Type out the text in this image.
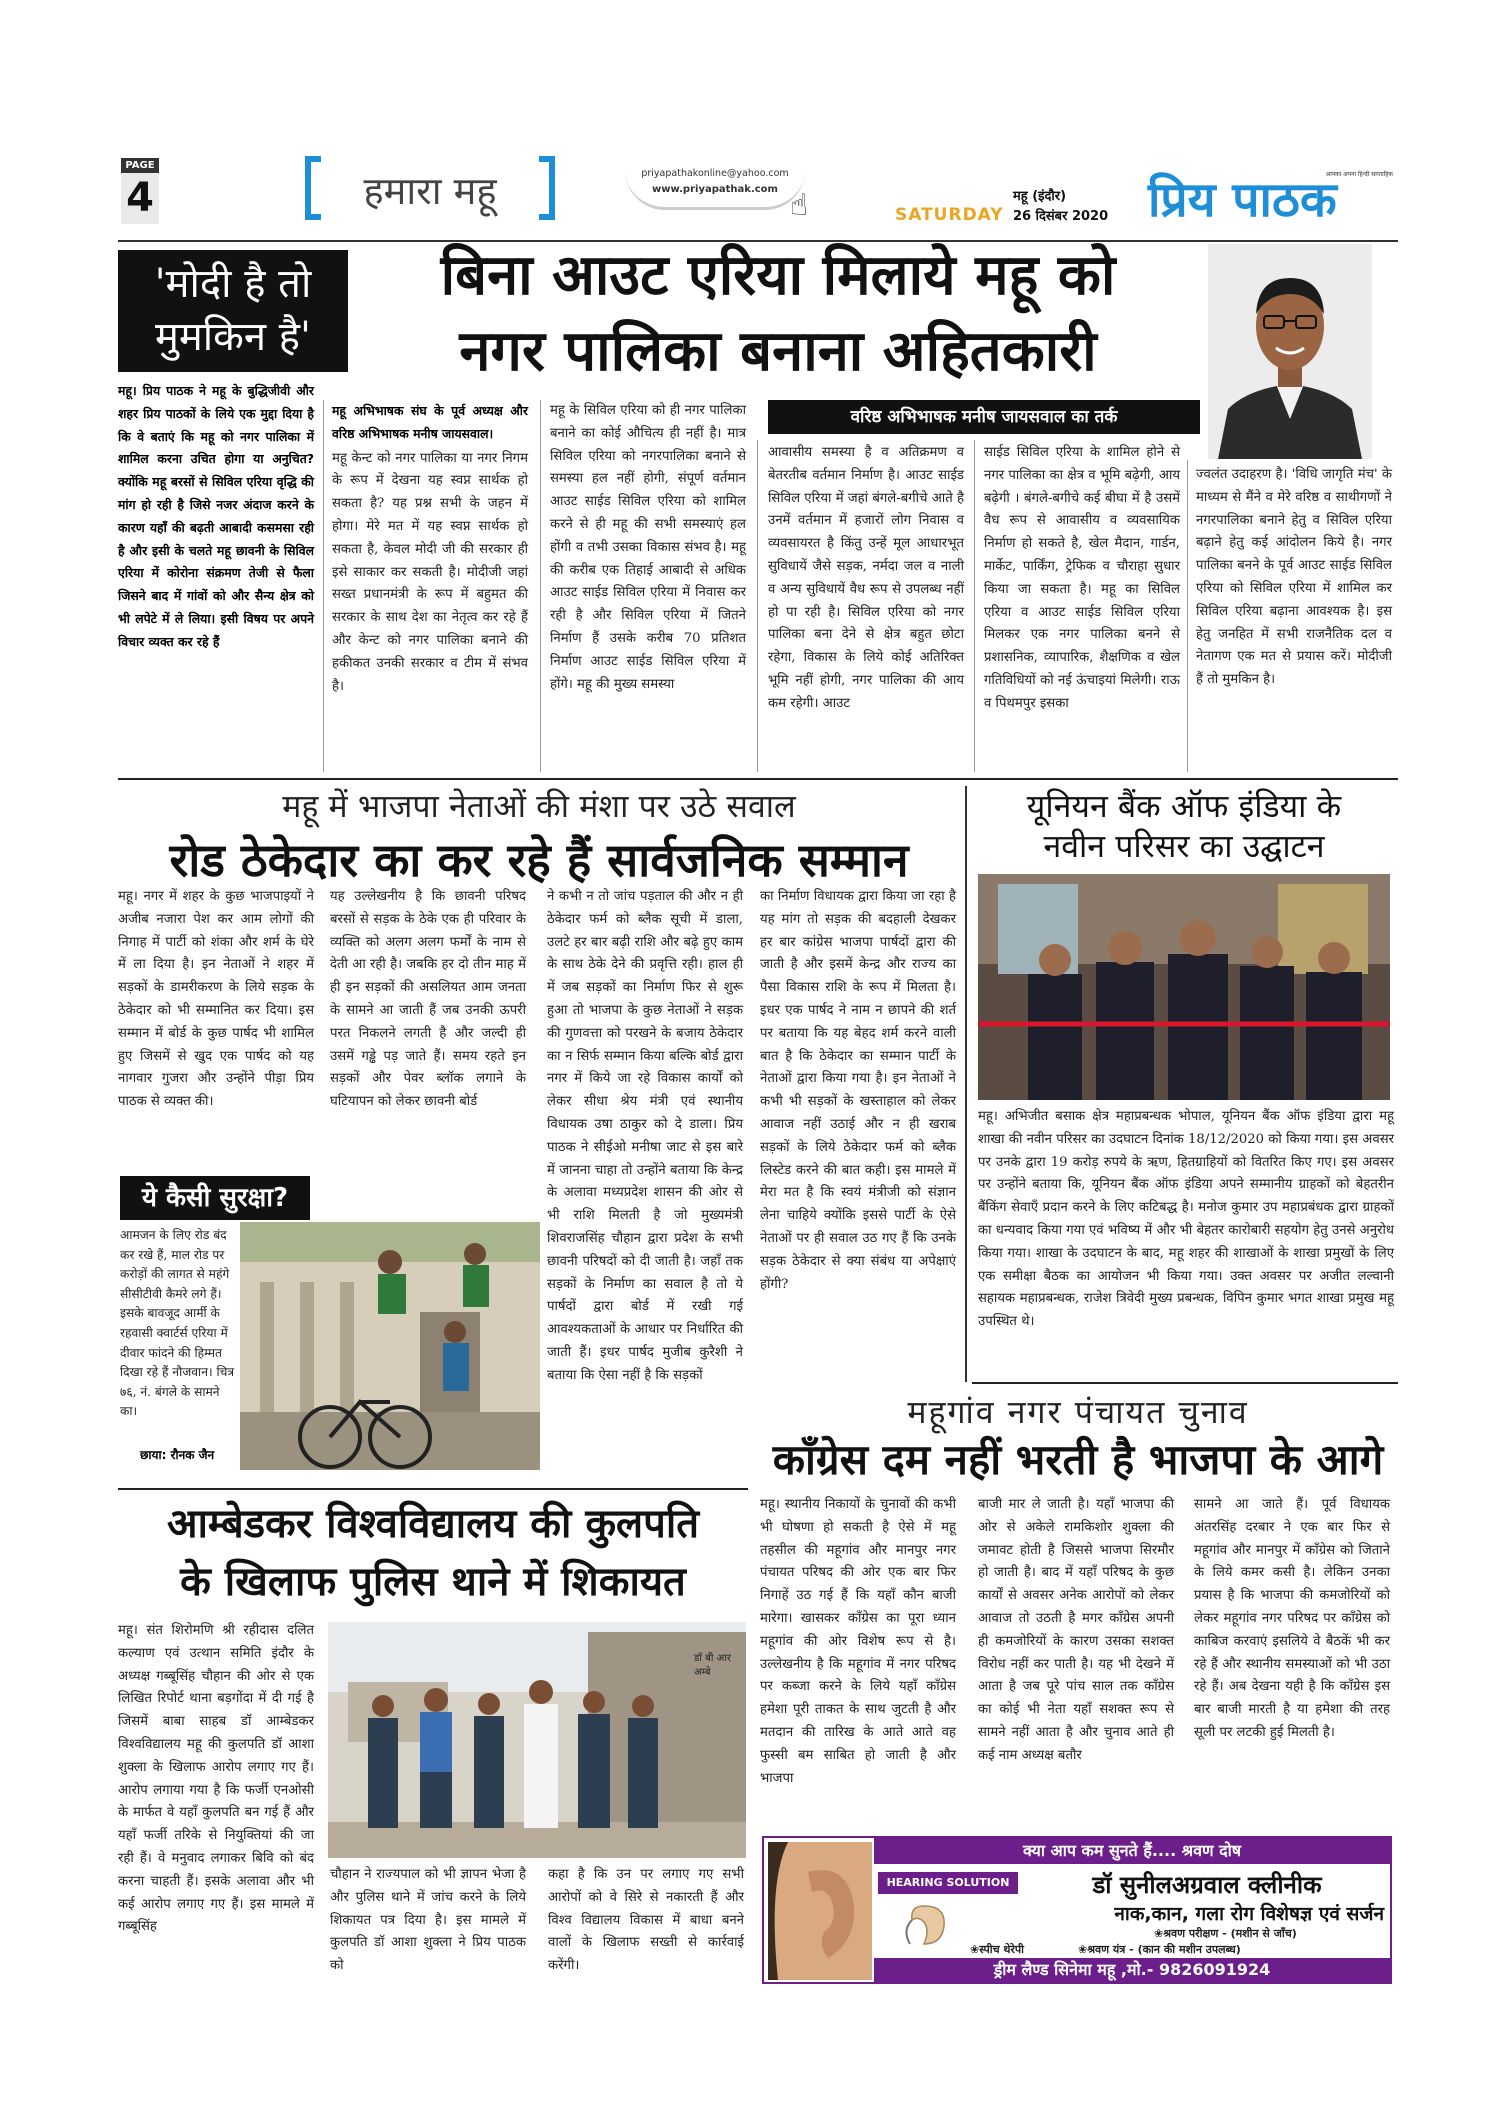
PAGE
4	हमारा महू	priyapathakonline@yahoo.com
www.priyapathak.com ☝	SATURDAY
महू (इंदौर)
26 दिसंबर 2020 प्रिय पाठक
आपका अपना हिन्दी साप्ताहिक
'मोदी है तो मुमकिन है'
बिना आउट एरिया मिलाये महू को
नगर पालिका बनाना अहितकारी
वरिष्ठ अभिभाषक मनीष जायसवाल का तर्क
महू। प्रिय पाठक ने महू के बुद्धिजीवी और शहर प्रिय पाठकों के लिये एक मुद्दा दिया है कि वे बताएं कि महू को नगर पालिका में शामिल करना उचित होगा या अनुचित? क्योंकि महू बरसों से सिविल एरिया वृद्धि की मांग हो रही है जिसे नजर अंदाज करने के कारण यहाँ की बढ़ती आबादी कसमसा रही है और इसी के चलते महू छावनी के सिविल एरिया में कोरोना संक्रमण तेजी से फैला जिसने बाद में गांवों को और सैन्य क्षेत्र को भी लपेटे में ले लिया। इसी विषय पर अपने विचार व्यक्त कर रहे हैं
महू अभिभाषक संघ के पूर्व अध्यक्ष और वरिष्ठ अभिभाषक मनीष जायसवाल।
महू केन्ट को नगर पालिका या नगर निगम के रूप में देखना यह स्वप्न सार्थक हो सकता है? यह प्रश्न सभी के जहन में होगा। मेरे मत में यह स्वप्न सार्थक हो सकता है, केवल मोदी जी की सरकार ही इसे साकार कर सकती है। मोदीजी जहां सख्त प्रधानमंत्री के रूप में बहुमत की सरकार के साथ देश का नेतृत्व कर रहे हैं और केन्ट को नगर पालिका बनाने की हकीकत उनकी सरकार व टीम में संभव है।
महू के सिविल एरिया को ही नगर पालिका बनाने का कोई औचित्य ही नहीं है। मात्र सिविल एरिया को नगरपालिका बनाने से समस्या हल नहीं होगी, संपूर्ण वर्तमान आउट साईड सिविल एरिया को शामिल करने से ही महू की सभी समस्याएं हल होंगी व तभी उसका विकास संभव है। महू की करीब एक तिहाई आबादी से अधिक आउट साईड सिविल एरिया में निवास कर रही है और सिविल एरिया में जितने निर्माण हैं उसके करीब 70 प्रतिशत निर्माण आउट साईड सिविल एरिया में होंगे। महू की मुख्य समस्या
आवासीय समस्या है व अतिक्रमण व बेतरतीब वर्तमान निर्माण है। आउट साईड सिविल एरिया में जहां बंगले-बगीचे आते है उनमें वर्तमान में हजारों लोग निवास व व्यवसायरत है किंतु उन्हें मूल आधारभूत सुविधायें जैसे सड़क, नर्मदा जल व नाली व अन्य सुविधायें वैध रूप से उपलब्ध नहीं हो पा रही है। सिविल एरिया को नगर पालिका बना देने से क्षेत्र बहुत छोटा रहेगा, विकास के लिये कोई अतिरिक्त भूमि नहीं होगी, नगर पालिका की आय कम रहेगी। आउट
साईड सिविल एरिया के शामिल होने से नगर पालिका का क्षेत्र व भूमि बढ़ेगी, आय बढ़ेगी । बंगले-बगीचे कई बीघा में है उसमें वैध रूप से आवासीय व व्यवसायिक निर्माण हो सकते है, खेल मैदान, गार्डन, मार्केट, पार्किंग, ट्रेफिक व चौराहा सुधार किया जा सकता है। महू का सिविल एरिया व आउट साईड सिविल एरिया मिलकर एक नगर पालिका बनने से प्रशासनिक, व्यापारिक, शैक्षणिक व खेल गतिविधियों को नई ऊंचाइयां मिलेगी। राऊ व पिथमपुर इसका
ज्वलंत उदाहरण है। 'विधि जागृति मंच' के माध्यम से मैंने व मेरे वरिष्ठ व साथीगणों ने नगरपालिका बनाने हेतु व सिविल एरिया बढ़ाने हेतु कई आंदोलन किये है। नगर पालिका बनने के पूर्व आउट साईड सिविल एरिया को सिविल एरिया में शामिल कर सिविल एरिया बढ़ाना आवश्यक है। इस हेतु जनहित में सभी राजनैतिक दल व नेतागण एक मत से प्रयास करें। मोदीजी हैं तो मुमकिन है।
महू में भाजपा नेताओं की मंशा पर उठे सवाल
रोड ठेकेदार का कर रहे हैं सार्वजनिक सम्मान
महू। नगर में शहर के कुछ भाजपाइयों ने अजीब नजारा पेश कर आम लोगों की निगाह में पार्टी को शंका और शर्म के घेरे में ला दिया है। इन नेताओं ने शहर में सड़कों के डामरीकरण के लिये सड़क के ठेकेदार को भी सम्मानित कर दिया। इस सम्मान में बोर्ड के कुछ पार्षद भी शामिल हुए जिसमें से खुद एक पार्षद को यह नागवार गुजरा और उन्होंने पीड़ा प्रिय पाठक से व्यक्त की।
यह उल्लेखनीय है कि छावनी परिषद बरसों से सड़क के ठेके एक ही परिवार के व्यक्ति को अलग अलग फर्मों के नाम से देती आ रही है। जबकि हर दो तीन माह में ही इन सड़कों की असलियत आम जनता के सामने आ जाती हैं जब उनकी ऊपरी परत निकलने लगती है और जल्दी ही उसमें गड्ढे पड़ जाते हैं। समय रहते इन सड़कों और पेवर ब्लॉक लगाने के घटियापन को लेकर छावनी बोर्ड
ने कभी न तो जांच पड़ताल की और न ही ठेकेदार फर्म को ब्लैक सूची में डाला, उलटे हर बार बढ़ी राशि और बढ़े हुए काम के साथ ठेके देने की प्रवृत्ति रही। हाल ही में जब सड़कों का निर्माण फिर से शुरू हुआ तो भाजपा के कुछ नेताओं ने सड़क की गुणवत्ता को परखने के बजाय ठेकेदार का न सिर्फ सम्मान किया बल्कि बोर्ड द्वारा नगर में किये जा रहे विकास कार्यों को लेकर सीधा श्रेय मंत्री एवं स्थानीय विधायक उषा ठाकुर को दे डाला। प्रिय पाठक ने सीईओ मनीषा जाट से इस बारे में जानना चाहा तो उन्होंने बताया कि केन्द्र के अलावा मध्यप्रदेश शासन की ओर से भी राशि मिलती है जो मुख्यमंत्री शिवराजसिंह चौहान द्वारा प्रदेश के सभी छावनी परिषदों को दी जाती है। जहाँ तक सड़कों के निर्माण का सवाल है तो ये पार्षदों द्वारा बोर्ड में रखी गई आवश्यकताओं के आधार पर निर्धारित की जाती हैं। इधर पार्षद मुजीब कुरैशी ने बताया कि ऐसा नहीं है कि सड़कों
का निर्माण विधायक द्वारा किया जा रहा है यह मांग तो सड़क की बदहाली देखकर हर बार कांग्रेस भाजपा पार्षदों द्वारा की जाती है और इसमें केन्द्र और राज्य का पैसा विकास राशि के रूप में मिलता है। इधर एक पार्षद ने नाम न छापने की शर्त पर बताया कि यह बेहद शर्म करने वाली बात है कि ठेकेदार का सम्मान पार्टी के नेताओं द्वारा किया गया है। इन नेताओं ने कभी भी सड़कों के खस्ताहाल को लेकर आवाज नहीं उठाई और न ही खराब सड़कों के लिये ठेकेदार फर्म को ब्लैक लिस्टेड करने की बात कही। इस मामले में मेरा मत है कि स्वयं मंत्रीजी को संज्ञान लेना चाहिये क्योंकि इससे पार्टी के ऐसे नेताओं पर ही सवाल उठ गए हैं कि उनके सड़क ठेकेदार से क्या संबंध या अपेक्षाएं होंगी?
ये कैसी सुरक्षा?
आमजन के लिए रोड बंद कर रखे हैं, माल रोड पर करोड़ों की लागत से महंगे सीसीटीवी कैमरे लगे हैं। इसके बावजूद आर्मी के रहवासी क्वार्टर्स एरिया में दीवार फांदने की हिम्मत दिखा रहे हैं नौजवान। चित्र ७६, नं. बंगले के सामने का।
छाया: रौनक जैन
यूनियन बैंक ऑफ इंडिया के
नवीन परिसर का उद्घाटन
महू। अभिजीत बसाक क्षेत्र महाप्रबन्धक भोपाल, यूनियन बैंक ऑफ इंडिया द्वारा महू शाखा की नवीन परिसर का उदघाटन दिनांक 18/12/2020 को किया गया। इस अवसर पर उनके द्वारा 19 करोड़ रुपये के ऋण, हितग्राहियों को वितरित किए गए। इस अवसर पर उन्होंने बताया कि, यूनियन बैंक ऑफ इंडिया अपने सम्मानीय ग्राहकों को बेहतरीन बैंकिंग सेवाएँ प्रदान करने के लिए कटिबद्ध है। मनोज कुमार उप महाप्रबंधक द्वारा ग्राहकों का धन्यवाद किया गया एवं भविष्य में और भी बेहतर कारोबारी सहयोग हेतु उनसे अनुरोध किया गया। शाखा के उदघाटन के बाद, महू शहर की शाखाओं के शाखा प्रमुखों के लिए एक समीक्षा बैठक का आयोजन भी किया गया। उक्त अवसर पर अजीत लल्वानी सहायक महाप्रबन्धक, राजेश त्रिवेदी मुख्य प्रबन्धक, विपिन कुमार भगत शाखा प्रमुख महू उपस्थित थे।
महूगांव नगर पंचायत चुनाव
कॉंग्रेस दम नहीं भरती है भाजपा के आगे
महू। स्थानीय निकायों के चुनावों की कभी भी घोषणा हो सकती है ऐसे में महू तहसील की महूगांव और मानपुर नगर पंचायत परिषद की ओर एक बार फिर निगाहें उठ गई हैं कि यहाँ कौन बाजी मारेगा। खासकर कॉंग्रेस का पूरा ध्यान महूगांव की ओर विशेष रूप से है। उल्लेखनीय है कि महूगांव में नगर परिषद पर कब्जा करने के लिये यहाँ कॉंग्रेस हमेशा पूरी ताकत के साथ जुटती है और मतदान की तारिख के आते आते वह फुस्सी बम साबित हो जाती है और भाजपा
बाजी मार ले जाती है। यहाँ भाजपा की ओर से अकेले रामकिशोर शुक्ला की जमावट होती है जिससे भाजपा सिरमौर हो जाती है। बाद में यहाँ परिषद के कुछ कार्यों से अवसर अनेक आरोपों को लेकर आवाज तो उठती है मगर कॉंग्रेस अपनी ही कमजोरियों के कारण उसका सशक्त विरोध नहीं कर पाती है। यह भी देखने में आता है जब पूरे पांच साल तक कॉंग्रेस का कोई भी नेता यहाँ सशक्त रूप से सामने नहीं आता है और चुनाव आते ही कई नाम अध्यक्ष बतौर
सामने आ जाते हैं। पूर्व विधायक अंतरसिंह दरबार ने एक बार फिर से महूगांव और मानपुर में कॉंग्रेस को जिताने के लिये कमर कसी है। लेकिन उनका प्रयास है कि भाजपा की कमजोरियों को लेकर महूगांव नगर परिषद पर कॉंग्रेस को काबिज करवाएं इसलिये वे बैठकें भी कर रहे हैं और स्थानीय समस्याओं को भी उठा रहे हैं। अब देखना यही है कि कॉंग्रेस इस बार बाजी मारती है या हमेशा की तरह सूली पर लटकी हुई मिलती है।
आम्बेडकर विश्वविद्यालय की कुलपति
के खिलाफ पुलिस थाने में शिकायत
महू। संत शिरोमणि श्री रहीदास दलित कल्याण एवं उत्थान समिति इंदौर के अध्यक्ष गब्बूसिंह चौहान की ओर से एक लिखित रिपोर्ट थाना बड़गोंदा में दी गई है जिसमें बाबा साहब डॉ आम्बेडकर विश्वविद्यालय महू की कुलपति डॉ आशा शुक्ला के खिलाफ आरोप लगाए गए हैं। आरोप लगाया गया है कि फर्जी एनओसी के मार्फत वे यहाँ कुलपति बन गई हैं और यहाँ फर्जी तरिके से नियुक्तियां की जा रही हैं। वे मनुवाद लगाकर बिवि को बंद करना चाहती हैं। इसके अलावा और भी कई आरोप लगाए गए हैं। इस मामले में गब्बूसिंह
डॉ बी आर अम्बे
चौहान ने राज्यपाल को भी ज्ञापन भेजा है और पुलिस थाने में जांच करने के लिये शिकायत पत्र दिया है। इस मामले में कुलपति डॉ आशा शुक्ला ने प्रिय पाठक को
कहा है कि उन पर लगाए गए सभी आरोपों को वे सिरे से नकारती हैं और विश्व विद्यालय विकास में बाधा बनने वालों के खिलाफ सख्ती से कार्रवाई करेंगी।
क्या आप कम सुनते हैं.... श्रवण दोष
HEARING SOLUTION	डॉ सुनीलअग्रवाल क्लीनीक
नाक,कान, गला रोग विशेषज्ञ एवं सर्जन
❀श्रवण परीक्षण - (मशीन से जाँच)
❀स्पीच थेरेपी	❀श्रवण यंत्र - (कान की मशीन उपलब्ध)
ड्रीम लैण्ड सिनेमा महू ,मो.- 9826091924
